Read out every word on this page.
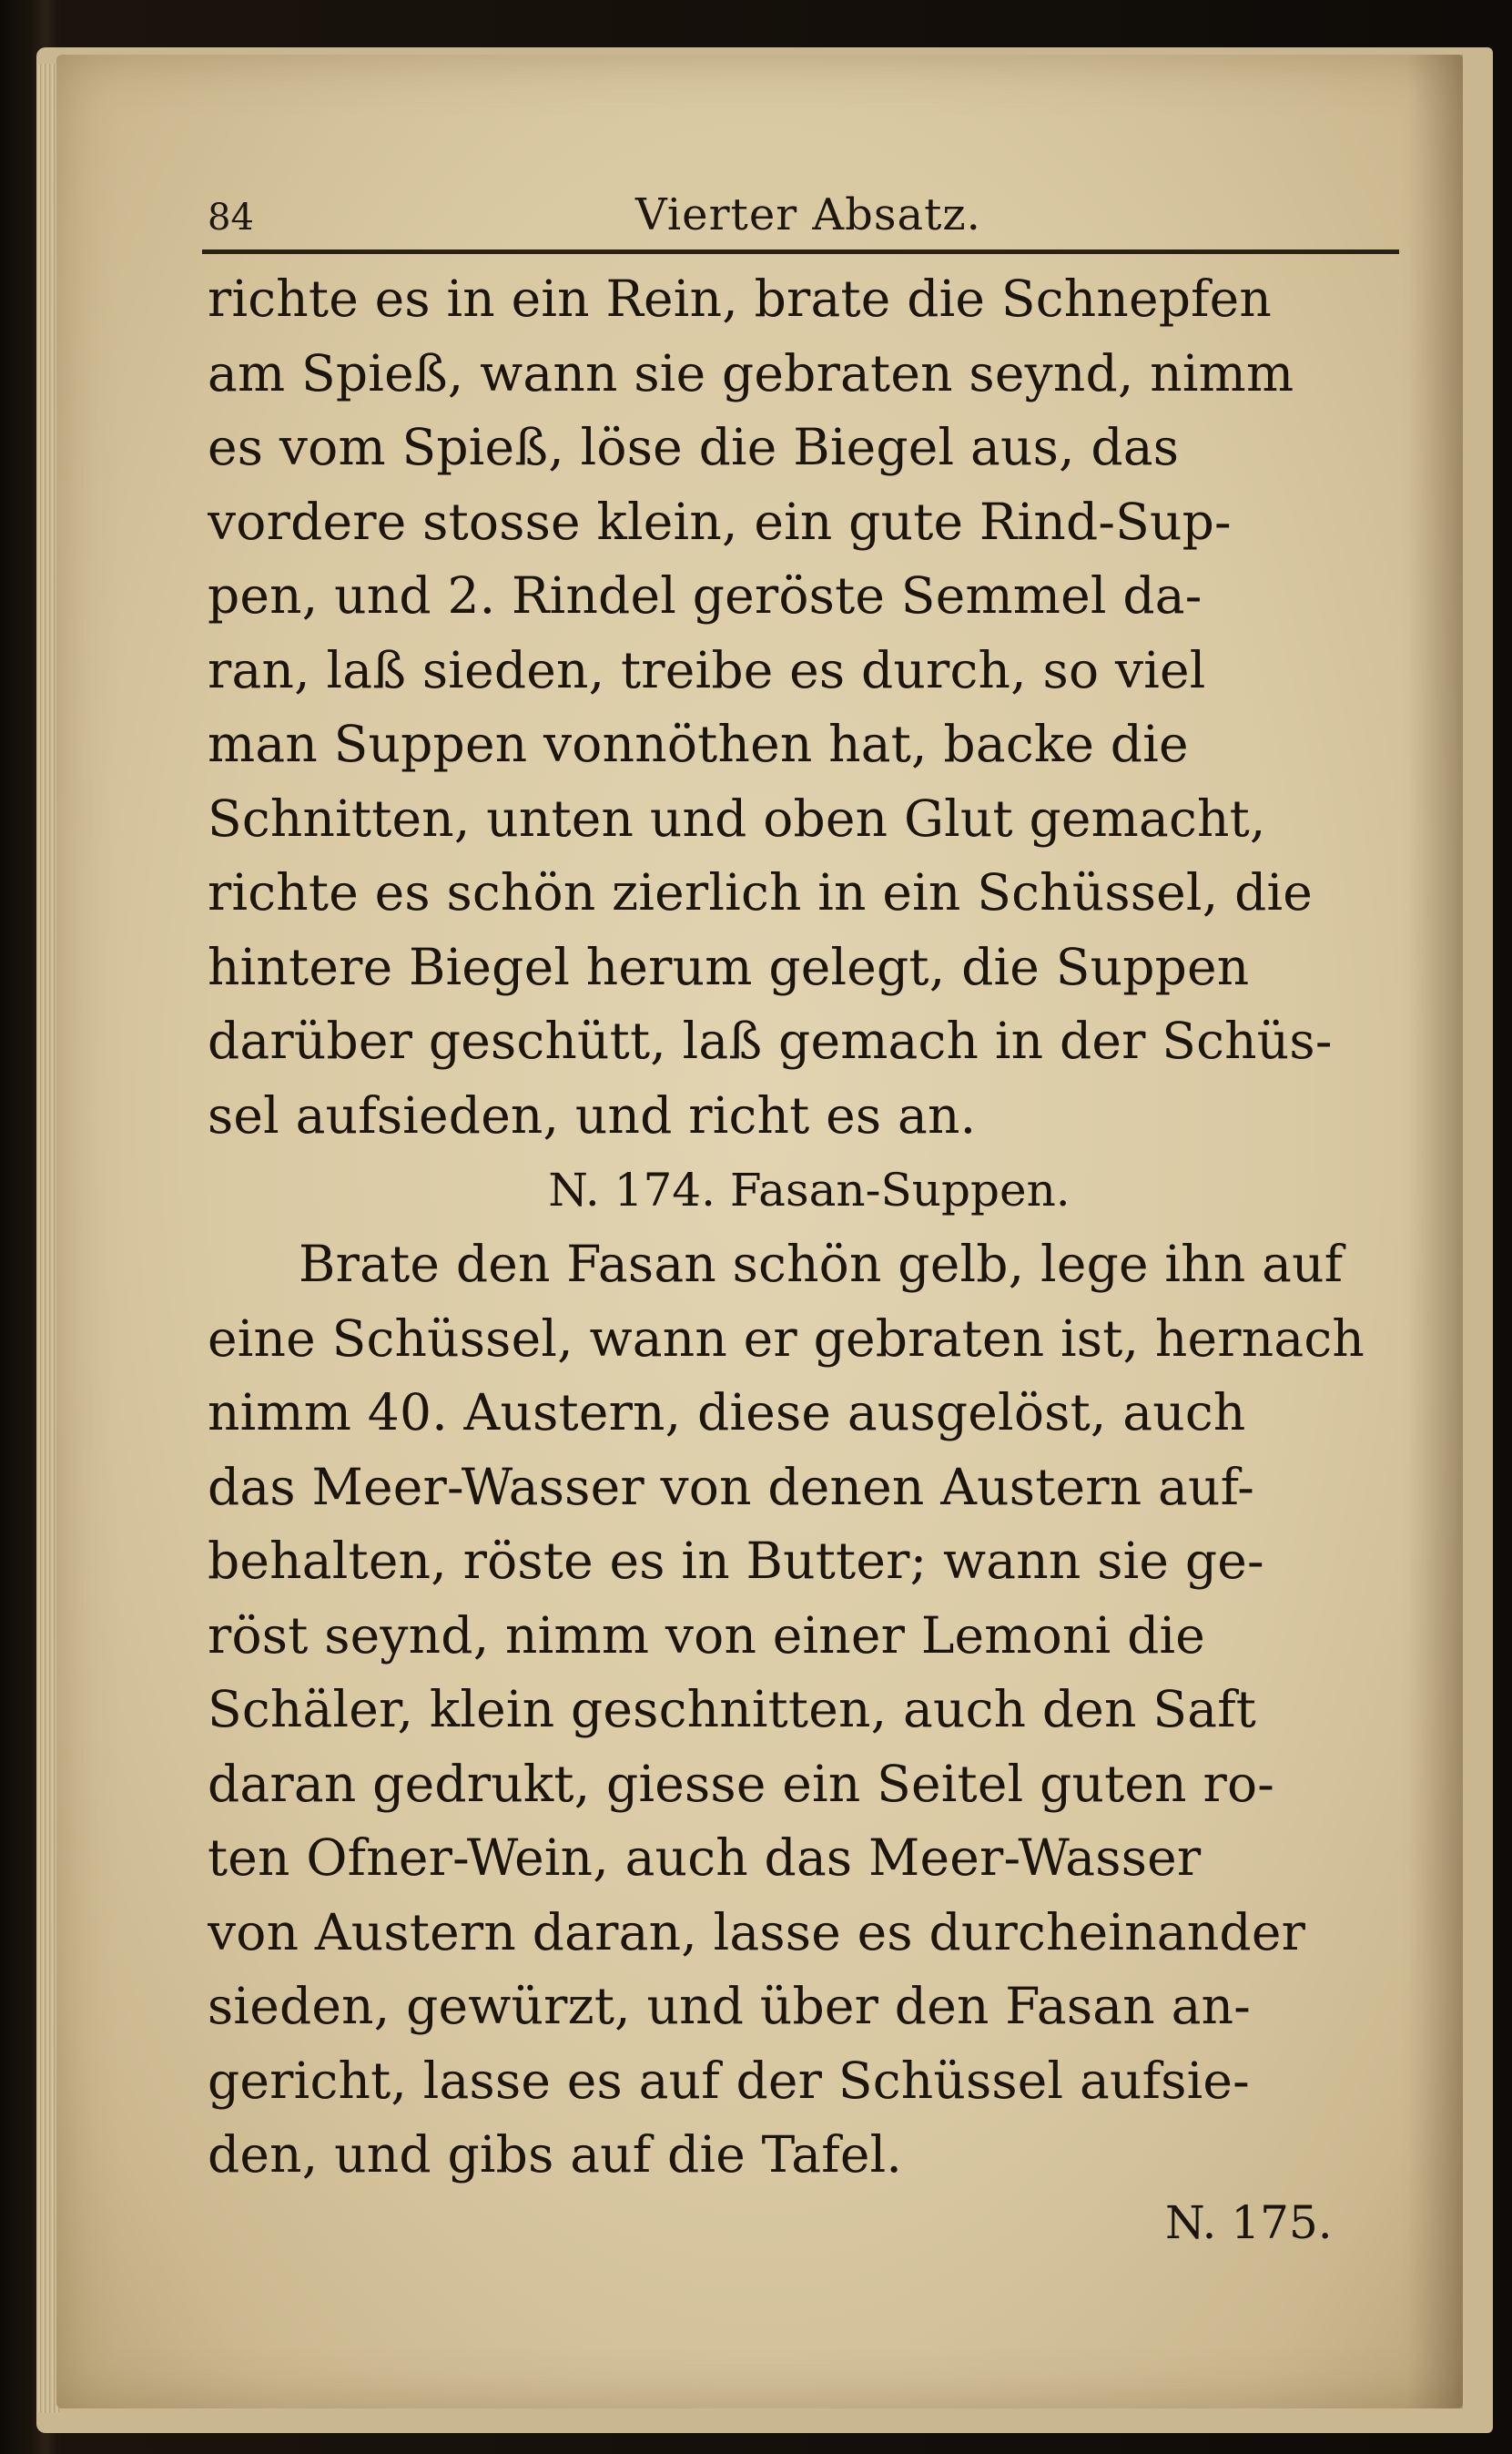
84	Vierter Absatz.
richte es in ein Rein, brate die Schnepfen
am Spieß, wann sie gebraten seynd, nimm
es vom Spieß, löse die Biegel aus, das
vordere stosse klein, ein gute Rind-Sup-
pen, und 2. Rindel geröste Semmel da-
ran, laß sieden, treibe es durch, so viel
man Suppen vonnöthen hat, backe die
Schnitten, unten und oben Glut gemacht,
richte es schön zierlich in ein Schüssel, die
hintere Biegel herum gelegt, die Suppen
darüber geschütt, laß gemach in der Schüs-
sel aufsieden, und richt es an.
N. 174. Fasan-Suppen.
Brate den Fasan schön gelb, lege ihn auf
eine Schüssel, wann er gebraten ist, hernach
nimm 40. Austern, diese ausgelöst, auch
das Meer-Wasser von denen Austern auf-
behalten, röste es in Butter; wann sie ge-
röst seynd, nimm von einer Lemoni die
Schäler, klein geschnitten, auch den Saft
daran gedrukt, giesse ein Seitel guten ro-
ten Ofner-Wein, auch das Meer-Wasser
von Austern daran, lasse es durcheinander
sieden, gewürzt, und über den Fasan an-
gericht, lasse es auf der Schüssel aufsie-
den, und gibs auf die Tafel.
N. 175.
